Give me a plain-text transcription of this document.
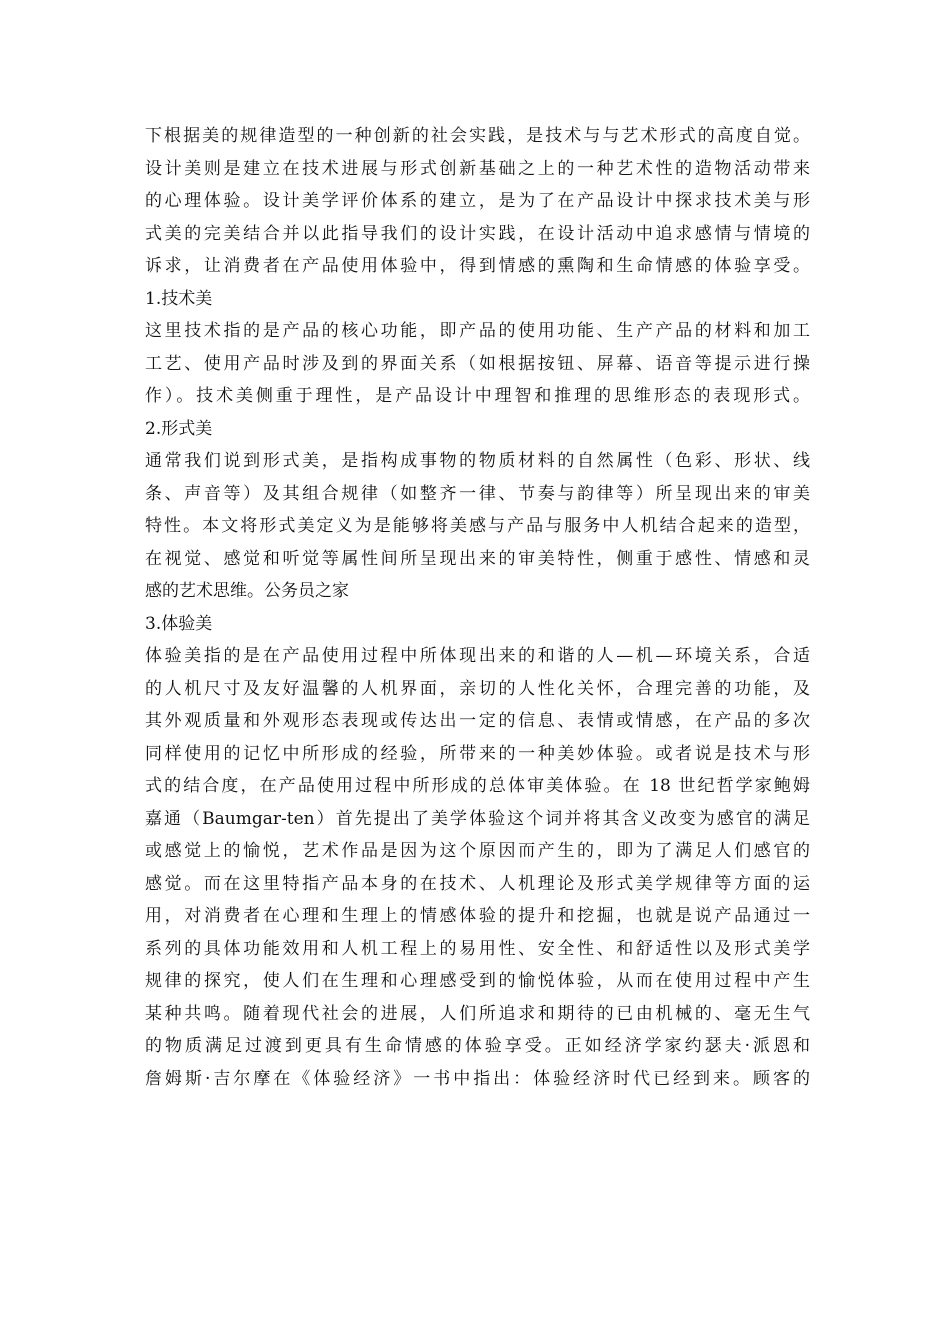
下根据美的规律造型的一种创新的社会实践，是技术与与艺术形式的高度自觉。
设计美则是建立在技术进展与形式创新基础之上的一种艺术性的造物活动带来
的心理体验。设计美学评价体系的建立，是为了在产品设计中探求技术美与形
式美的完美结合并以此指导我们的设计实践，在设计活动中追求感情与情境的
诉求，让消费者在产品使用体验中，得到情感的熏陶和生命情感的体验享受。
1.技术美
这里技术指的是产品的核心功能，即产品的使用功能、生产产品的材料和加工
工艺、使用产品时涉及到的界面关系（如根据按钮、屏幕、语音等提示进行操
作）。技术美侧重于理性，是产品设计中理智和推理的思维形态的表现形式。
2.形式美
通常我们说到形式美，是指构成事物的物质材料的自然属性（色彩、形状、线
条、声音等）及其组合规律（如整齐一律、节奏与韵律等）所呈现出来的审美
特性。本文将形式美定义为是能够将美感与产品与服务中人机结合起来的造型，
在视觉、感觉和听觉等属性间所呈现出来的审美特性，侧重于感性、情感和灵
感的艺术思维。公务员之家
3.体验美
体验美指的是在产品使用过程中所体现出来的和谐的人—机—环境关系，合适
的人机尺寸及友好温馨的人机界面，亲切的人性化关怀，合理完善的功能，及
其外观质量和外观形态表现或传达出一定的信息、表情或情感，在产品的多次
同样使用的记忆中所形成的经验，所带来的一种美妙体验。或者说是技术与形
式的结合度，在产品使用过程中所形成的总体审美体验。在 18 世纪哲学家鲍姆
嘉通（Baumgar-ten）首先提出了美学体验这个词并将其含义改变为感官的满足
或感觉上的愉悦，艺术作品是因为这个原因而产生的，即为了满足人们感官的
感觉。而在这里特指产品本身的在技术、人机理论及形式美学规律等方面的运
用，对消费者在心理和生理上的情感体验的提升和挖掘，也就是说产品通过一
系列的具体功能效用和人机工程上的易用性、安全性、和舒适性以及形式美学
规律的探究，使人们在生理和心理感受到的愉悦体验，从而在使用过程中产生
某种共鸣。随着现代社会的进展，人们所追求和期待的已由机械的、毫无生气
的物质满足过渡到更具有生命情感的体验享受。正如经济学家约瑟夫·派恩和
詹姆斯·吉尔摩在《体验经济》一书中指出：体验经济时代已经到来。顾客的
